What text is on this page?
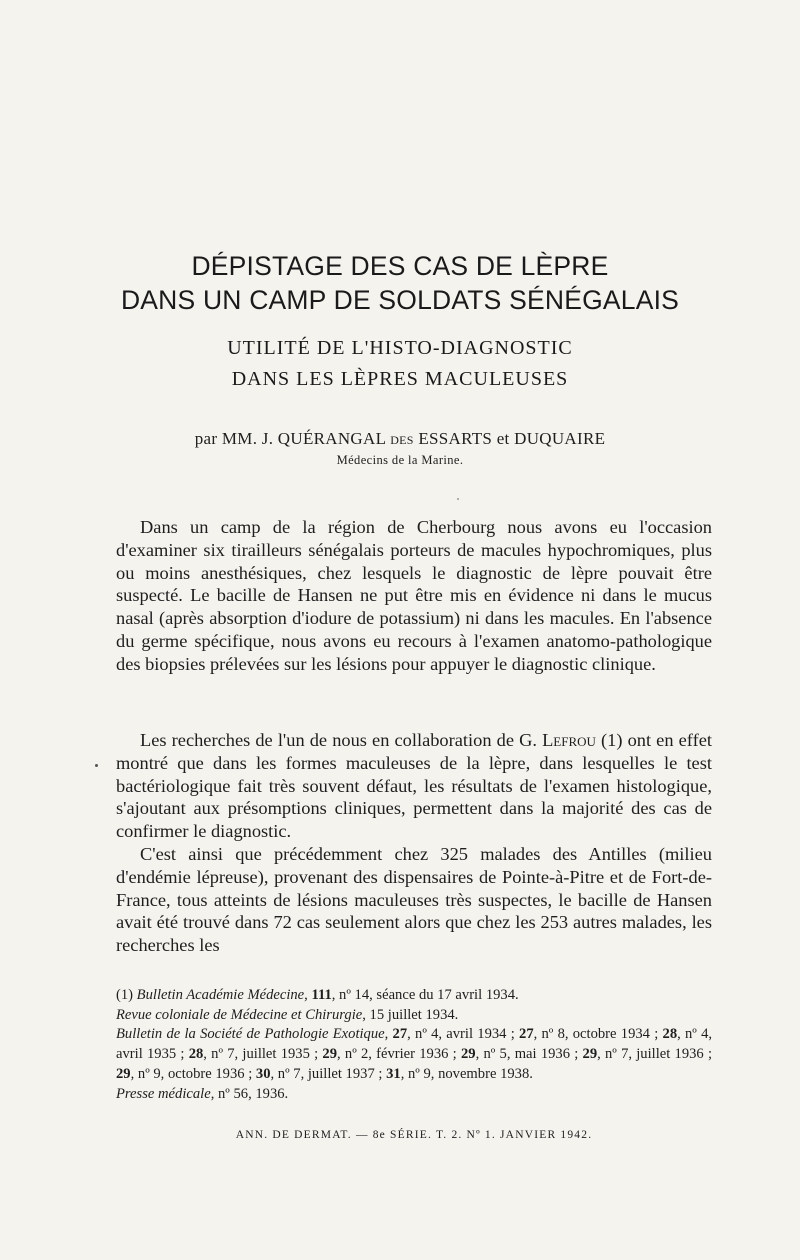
DÉPISTAGE DES CAS DE LÈPRE
DANS UN CAMP DE SOLDATS SÉNÉGALAIS
UTILITÉ DE L'HISTO-DIAGNOSTIC
DANS LES LÈPRES MACULEUSES
par MM. J. QUÉRANGAL des ESSARTS et DUQUAIRE
Médecins de la Marine.

Dans un camp de la région de Cherbourg nous avons eu l'occasion d'examiner six tirailleurs sénégalais porteurs de macules hypochromiques, plus ou moins anesthésiques, chez lesquels le diagnostic de lèpre pouvait être suspecté. Le bacille de Hansen ne put être mis en évidence ni dans le mucus nasal (après absorption d'iodure de potassium) ni dans les macules. En l'absence du germe spécifique, nous avons eu recours à l'examen anatomo-pathologique des biopsies prélevées sur les lésions pour appuyer le diagnostic clinique.

Les recherches de l'un de nous en collaboration de G. Lefrou (1) ont en effet montré que dans les formes maculeuses de la lèpre, dans lesquelles le test bactériologique fait très souvent défaut, les résultats de l'examen histologique, s'ajoutant aux présomptions cliniques, permettent dans la majorité des cas de confirmer le diagnostic.

C'est ainsi que précédemment chez 325 malades des Antilles (milieu d'endémie lépreuse), provenant des dispensaires de Pointe-à-Pitre et de Fort-de-France, tous atteints de lésions maculeuses très suspectes, le bacille de Hansen avait été trouvé dans 72 cas seulement alors que chez les 253 autres malades, les recherches les

(1) Bulletin Académie Médecine, 111, nº 14, séance du 17 avril 1934.

Revue coloniale de Médecine et Chirurgie, 15 juillet 1934.

Bulletin de la Société de Pathologie Exotique, 27, nº 4, avril 1934 ; 27, nº 8, octobre 1934 ; 28, nº 4, avril 1935 ; 28, nº 7, juillet 1935 ; 29, nº 2, février 1936 ; 29, nº 5, mai 1936 ; 29, nº 7, juillet 1936 ; 29, nº 9, octobre 1936 ; 30, nº 7, juillet 1937 ; 31, nº 9, novembre 1938.

Presse médicale, nº 56, 1936.

ANN. DE DERMAT. — 8e SÉRIE. T. 2. Nº 1. JANVIER 1942.
